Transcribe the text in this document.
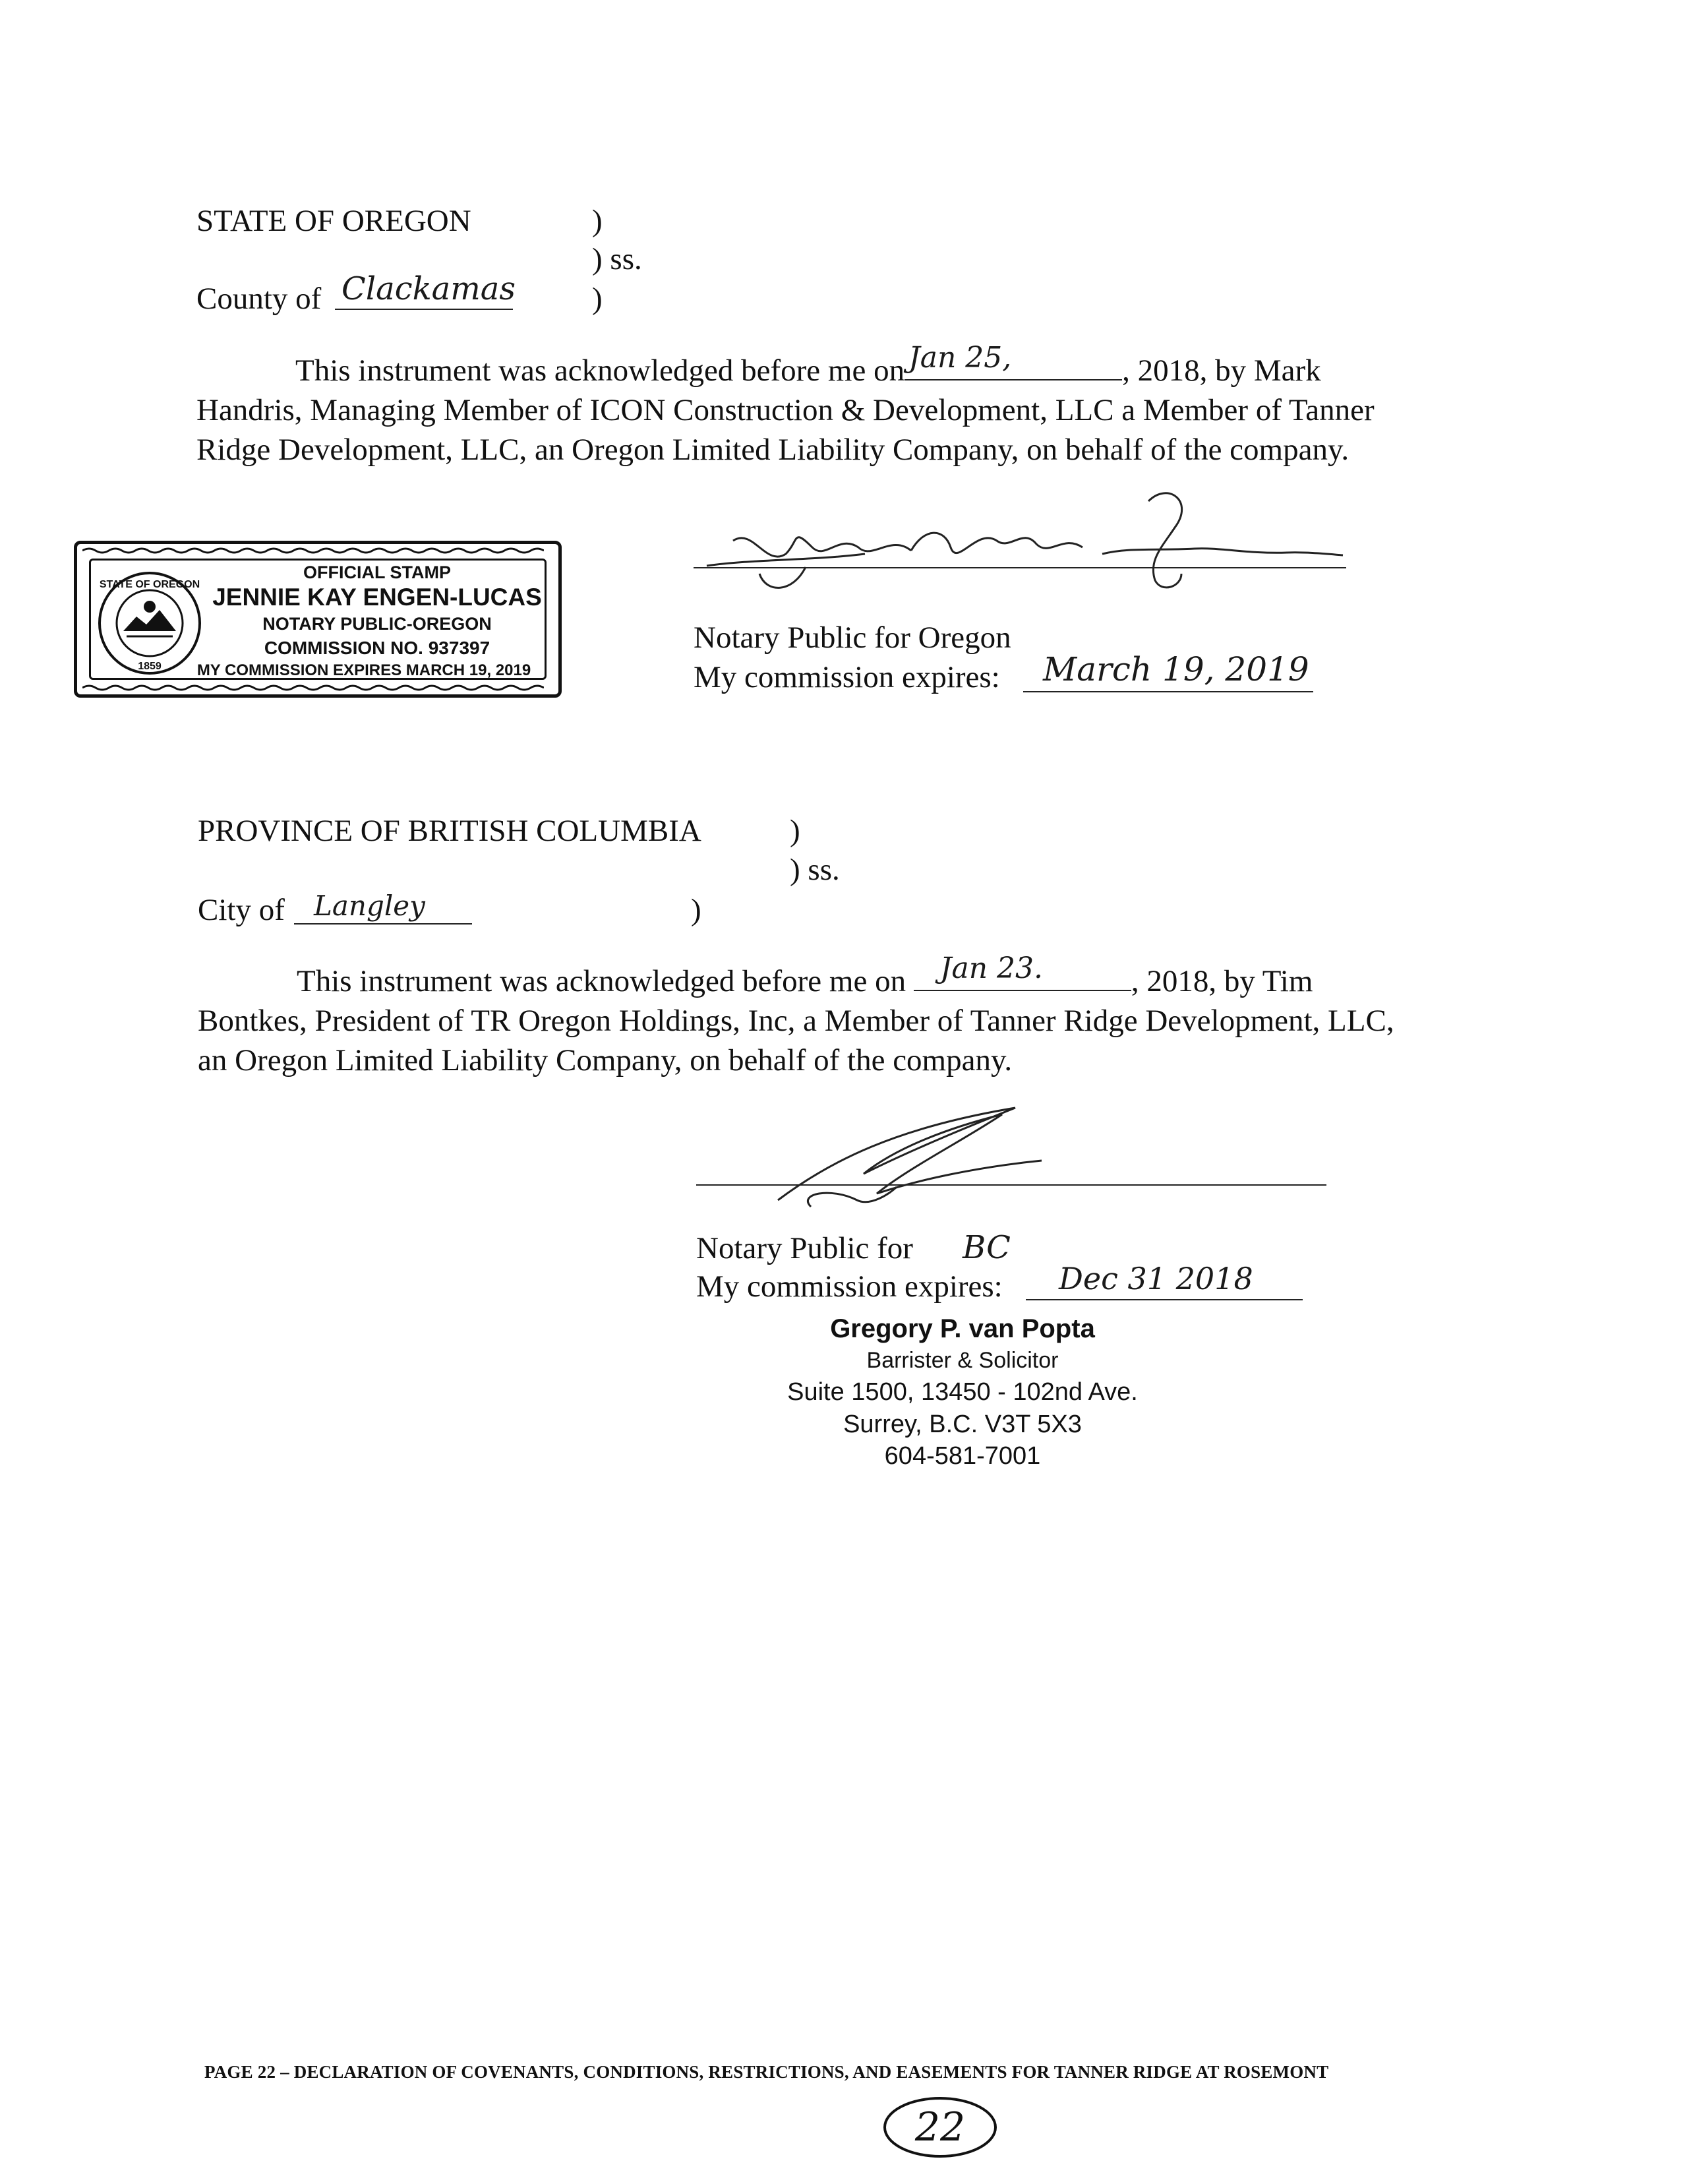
STATE OF OREGON	)
) ss.
)
County of Clackamas
This instrument was acknowledged before me on Jan 25,	, 2018, by Mark
Handris, Managing Member of ICON Construction & Development, LLC a Member of Tanner
Ridge Development, LLC, an Oregon Limited Liability Company, on behalf of the company.
Notary Public for Oregon
My commission expires: March 19, 2019
STATE OF OREGON
1859
OFFICIAL STAMP
JENNIE KAY ENGEN-LUCAS
NOTARY PUBLIC-OREGON
COMMISSION NO. 937397
MY COMMISSION EXPIRES MARCH 19, 2019
PROVINCE OF BRITISH COLUMBIA	)
) ss.
)
City of Langley
This instrument was acknowledged before me on Jan 23.	, 2018, by Tim
Bontkes, President of TR Oregon Holdings, Inc, a Member of Tanner Ridge Development, LLC,
an Oregon Limited Liability Company, on behalf of the company.
Notary Public for BC
My commission expires: Dec 31 2018
Gregory P. van Popta
Barrister & Solicitor
Suite 1500, 13450 - 102nd Ave.
Surrey, B.C. V3T 5X3
604-581-7001
PAGE 22 – DECLARATION OF COVENANTS, CONDITIONS, RESTRICTIONS, AND EASEMENTS FOR TANNER RIDGE AT ROSEMONT
22
